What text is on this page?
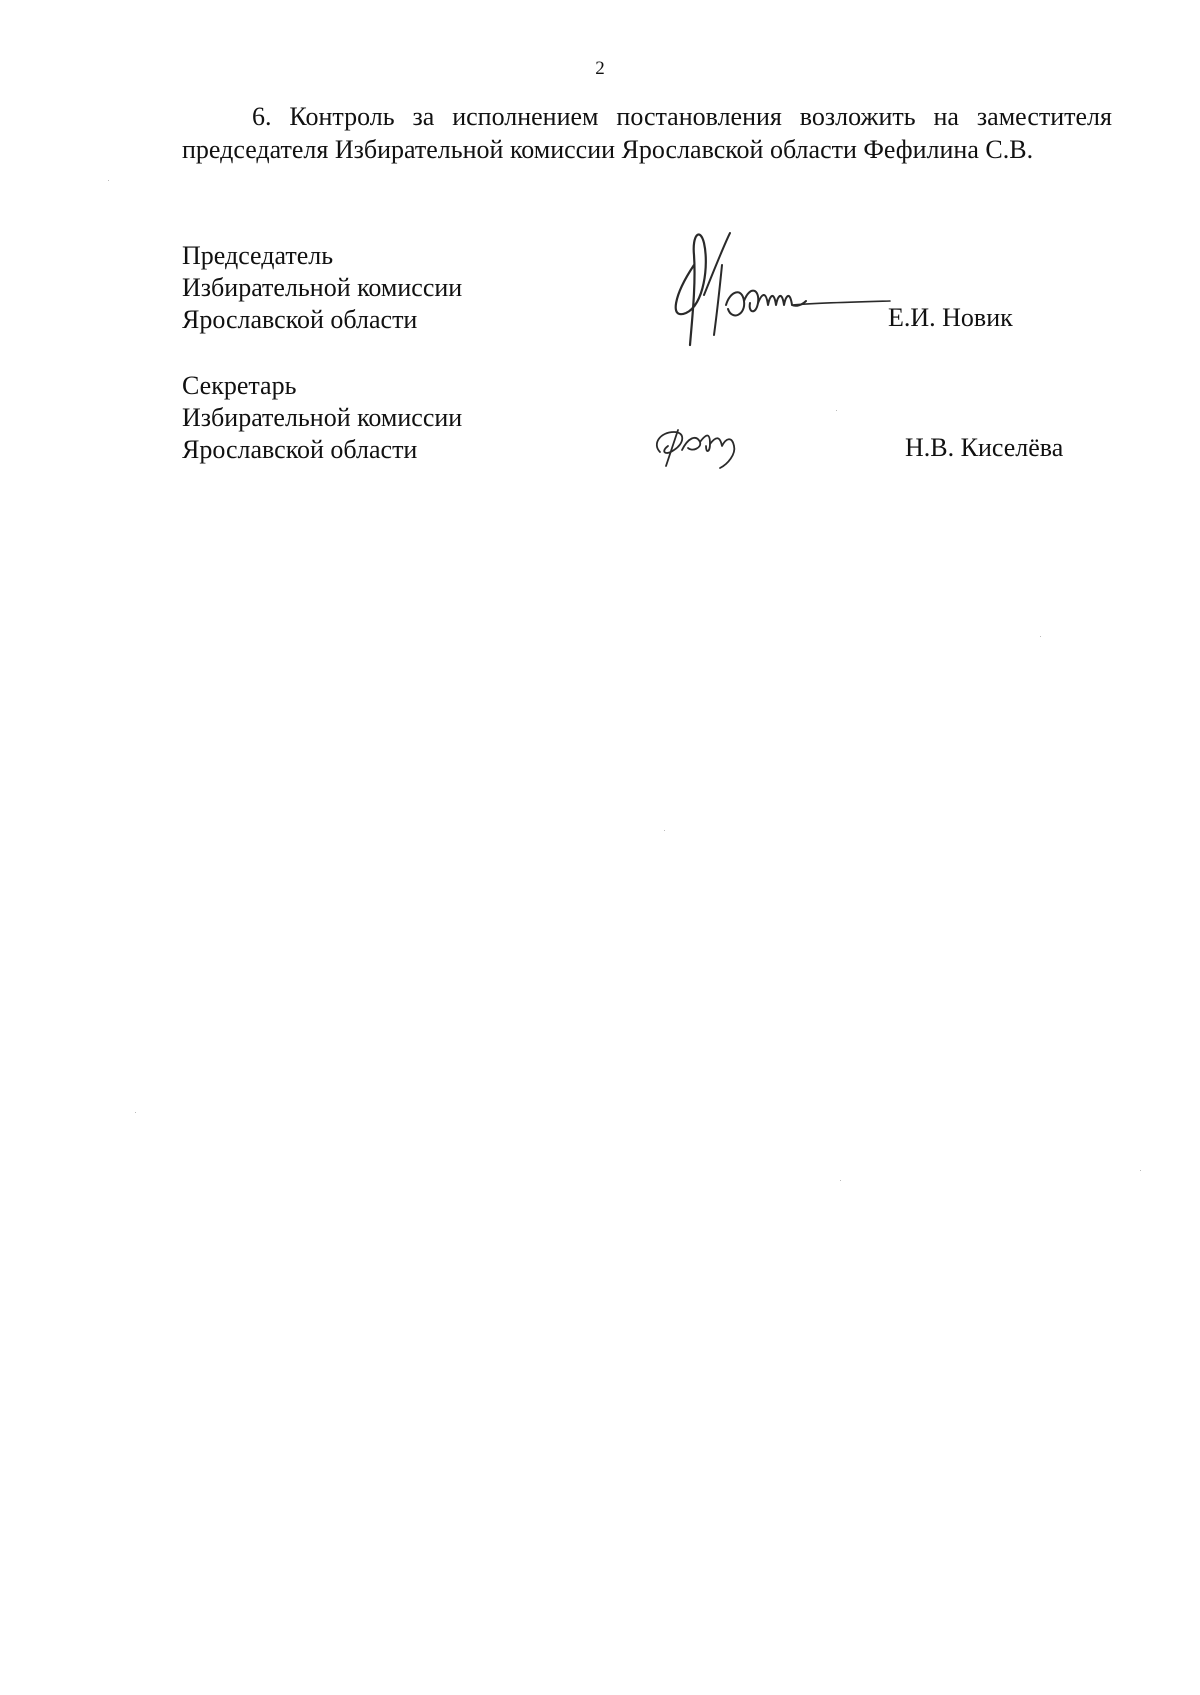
2

6. Контроль за исполнением постановления возложить на заместителя председателя Избирательной комиссии Ярославской области Фефилина С.В.

Председатель
Избирательной комиссии
Ярославской области	Е.И. Новик
Секретарь
Избирательной комиссии
Ярославской области	Н.В. Киселёва
